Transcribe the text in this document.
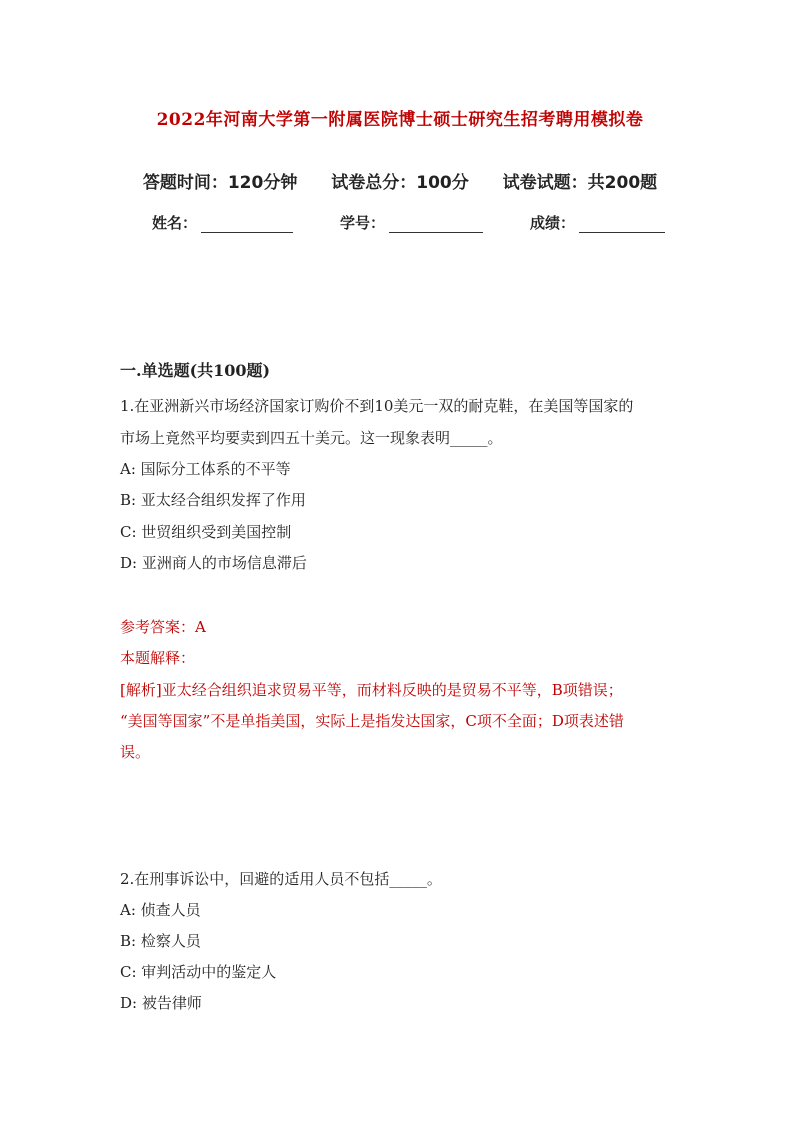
2022年河南大学第一附属医院博士硕士研究生招考聘用模拟卷
答题时间：120分钟 试卷总分：100分 试卷试题：共200题
姓名：	学号：	成绩：
一.单选题(共100题)
1.在亚洲新兴市场经济国家订购价不到10美元一双的耐克鞋，在美国等国家的
市场上竟然平均要卖到四五十美元。这一现象表明_____。
A: 国际分工体系的不平等
B: 亚太经合组织发挥了作用
C: 世贸组织受到美国控制
D: 亚洲商人的市场信息滞后
参考答案：A
本题解释：
[解析]亚太经合组织追求贸易平等，而材料反映的是贸易不平等，B项错误；
“美国等国家”不是单指美国，实际上是指发达国家，C项不全面；D项表述错
误。
2.在刑事诉讼中，回避的适用人员不包括_____。
A: 侦查人员
B: 检察人员
C: 审判活动中的鉴定人
D: 被告律师
